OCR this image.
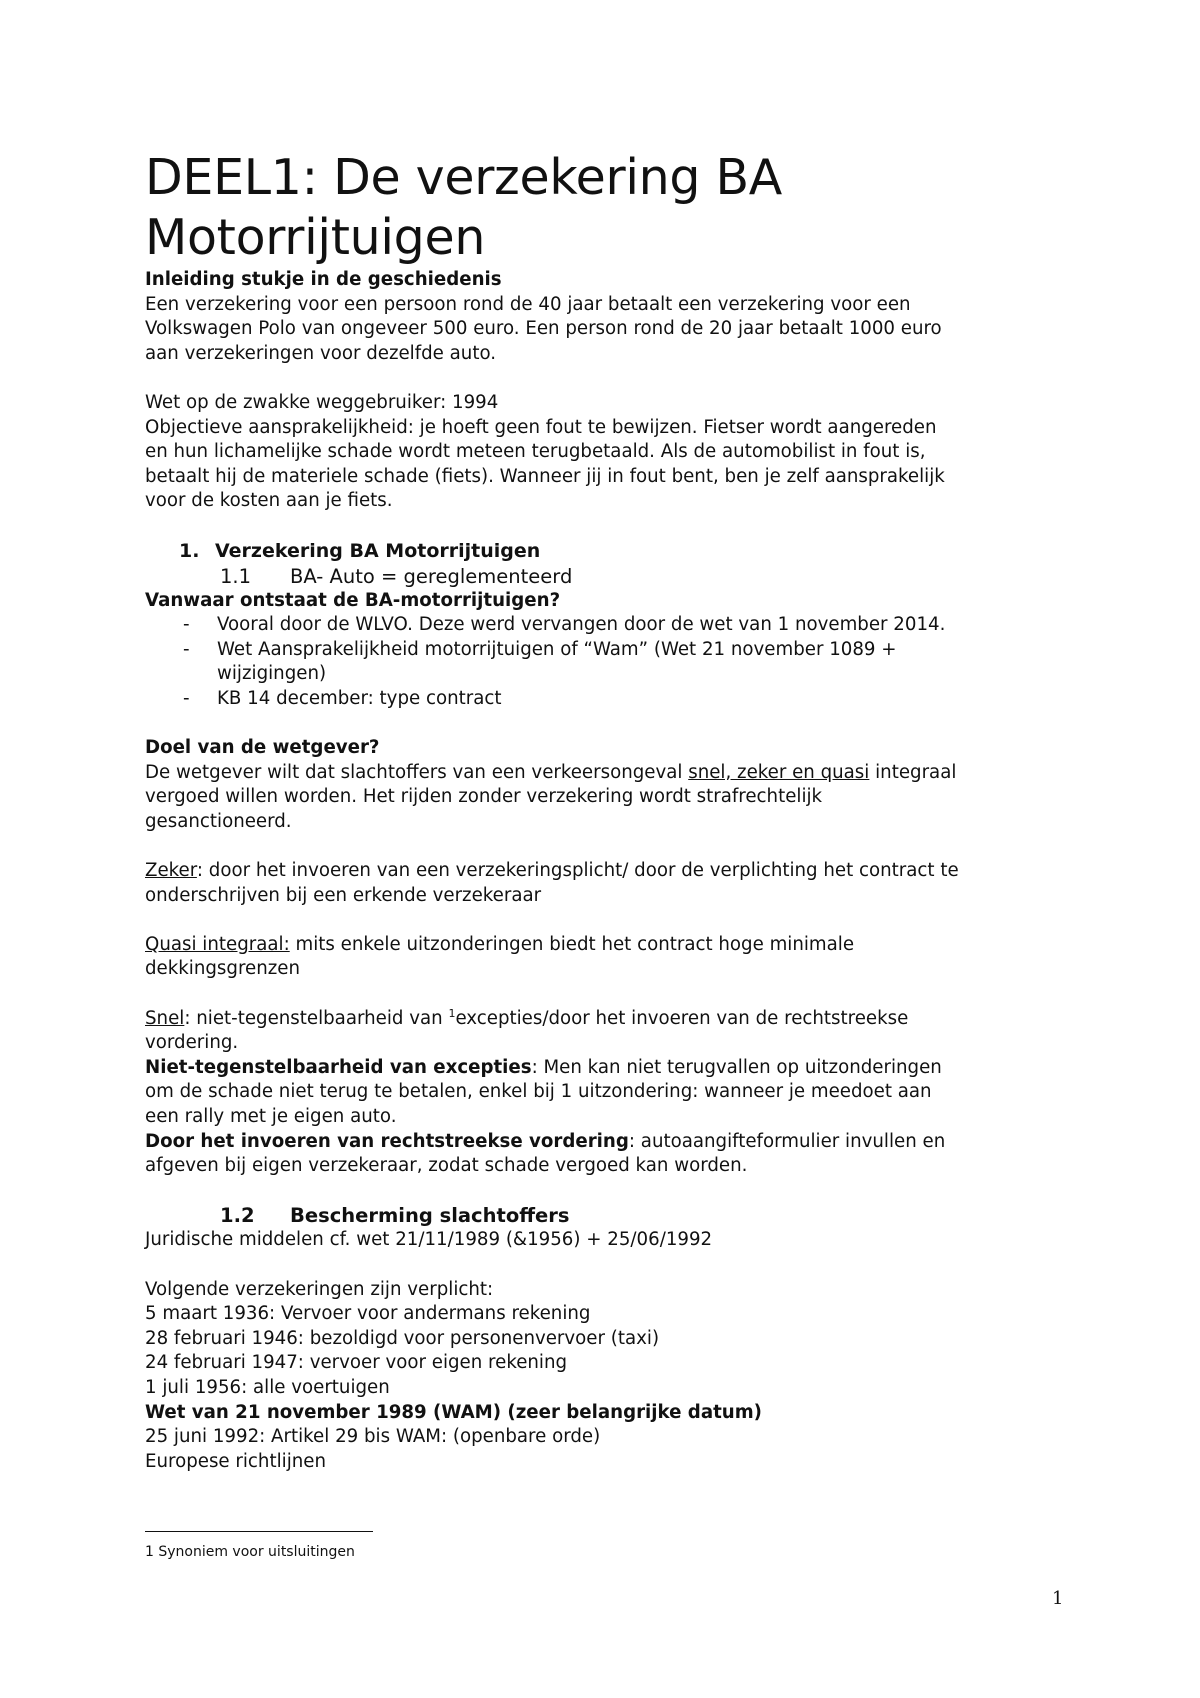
DEEL1: De verzekering BA
Motorrijtuigen

Inleiding stukje in de geschiedenis

Een verzekering voor een persoon rond de 40 jaar betaalt een verzekering voor een

Volkswagen Polo van ongeveer 500 euro. Een person rond de 20 jaar betaalt 1000 euro

aan verzekeringen voor dezelfde auto.

Wet op de zwakke weggebruiker: 1994

Objectieve aansprakelijkheid: je hoeft geen fout te bewijzen. Fietser wordt aangereden

en hun lichamelijke schade wordt meteen terugbetaald. Als de automobilist in fout is,

betaalt hij de materiele schade (fiets). Wanneer jij in fout bent, ben je zelf aansprakelijk

voor de kosten aan je fiets.

1. Verzekering BA Motorrijtuigen

1.1 BA- Auto = gereglementeerd

Vanwaar ontstaat de BA-motorrijtuigen?

- Vooral door de WLVO. Deze werd vervangen door de wet van 1 november 2014.

- Wet Aansprakelijkheid motorrijtuigen of “Wam” (Wet 21 november 1089 +

wijzigingen)

- KB 14 december: type contract

Doel van de wetgever?

De wetgever wilt dat slachtoffers van een verkeersongeval snel, zeker en quasi integraal

vergoed willen worden. Het rijden zonder verzekering wordt strafrechtelijk

gesanctioneerd.

Zeker: door het invoeren van een verzekeringsplicht/ door de verplichting het contract te

onderschrijven bij een erkende verzekeraar

Quasi integraal: mits enkele uitzonderingen biedt het contract hoge minimale

dekkingsgrenzen

Snel: niet-tegenstelbaarheid van $^1$excepties/door het invoeren van de rechtstreekse

vordering.

Niet-tegenstelbaarheid van excepties: Men kan niet terugvallen op uitzonderingen

om de schade niet terug te betalen, enkel bij 1 uitzondering: wanneer je meedoet aan

een rally met je eigen auto.

Door het invoeren van rechtstreekse vordering: autoaangifteformulier invullen en

afgeven bij eigen verzekeraar, zodat schade vergoed kan worden.

1.2 Bescherming slachtoffers

Juridische middelen cf. wet 21/11/1989 (&1956) + 25/06/1992

Volgende verzekeringen zijn verplicht:

5 maart 1936: Vervoer voor andermans rekening

28 februari 1946: bezoldigd voor personenvervoer (taxi)

24 februari 1947: vervoer voor eigen rekening

1 juli 1956: alle voertuigen

Wet van 21 november 1989 (WAM) (zeer belangrijke datum)

25 juni 1992: Artikel 29 bis WAM: (openbare orde)

Europese richtlijnen

1 Synoniem voor uitsluitingen

1
